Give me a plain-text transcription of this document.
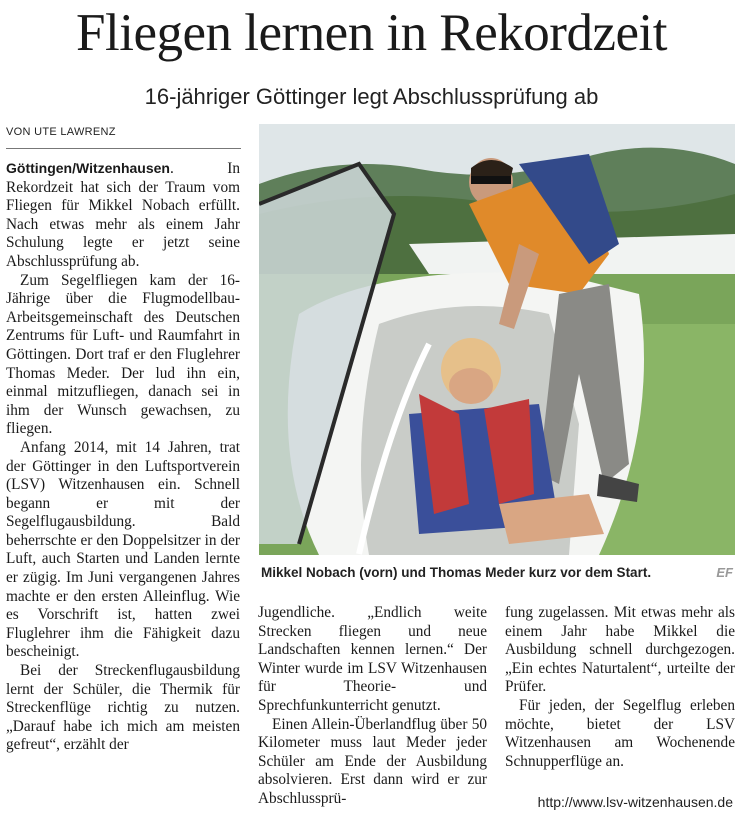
Fliegen lernen in Rekordzeit
16-jähriger Göttinger legt Abschlussprüfung ab
VON UTE LAWRENZ

Göttingen/Witzenhausen. In Rekordzeit hat sich der Traum vom Fliegen für Mikkel Nobach erfüllt. Nach etwas mehr als einem Jahr Schulung legte er jetzt seine Abschlussprüfung ab.

Zum Segelfliegen kam der 16-Jährige über die Flugmodellbau-Arbeitsgemeinschaft des Deutschen Zentrums für Luft- und Raumfahrt in Göttingen. Dort traf er den Fluglehrer Thomas Meder. Der lud ihn ein, einmal mitzufliegen, danach sei in ihm der Wunsch gewachsen, zu fliegen.

Anfang 2014, mit 14 Jahren, trat der Göttinger in den Luftsportverein (LSV) Witzenhausen ein. Schnell begann er mit der Segelflugausbildung. Bald beherrschte er den Doppelsitzer in der Luft, auch Starten und Landen lernte er zügig. Im Juni vergangenen Jahres machte er den ersten Alleinflug. Wie es Vorschrift ist, hatten zwei Fluglehrer ihm die Fähigkeit dazu bescheinigt.

Bei der Streckenflugausbildung lernt der Schüler, die Thermik für Streckenflüge richtig zu nutzen. „Darauf habe ich mich am meisten gefreut“, erzählt der

Mikkel Nobach (vorn) und Thomas Meder kurz vor dem Start.	EF

Jugendliche. „Endlich weite Strecken fliegen und neue Landschaften kennen lernen.“ Der Winter wurde im LSV Witzenhausen für Theorie- und Sprechfunkunterricht genutzt.

Einen Allein-Überlandflug über 50 Kilometer muss laut Meder jeder Schüler am Ende der Ausbildung absolvieren. Erst dann wird er zur Abschlussprü-

fung zugelassen. Mit etwas mehr als einem Jahr habe Mikkel die Ausbildung schnell durchgezogen. „Ein echtes Naturtalent“, urteilte der Prüfer.

Für jeden, der Segelflug erleben möchte, bietet der LSV Witzenhausen am Wochenende Schnupperflüge an.

http://www.lsv-witzenhausen.de
